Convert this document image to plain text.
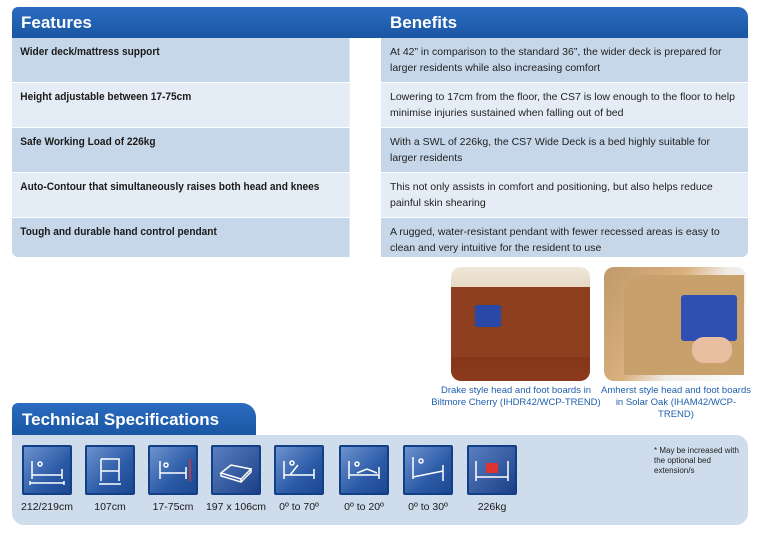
Features	Benefits
Wider deck/mattress support	At 42” in comparison to the standard 36”, the wider deck is prepared for larger residents while also increasing comfort
Height adjustable between 17-75cm	Lowering to 17cm from the floor, the CS7 is low enough to the floor to help minimise injuries sustained when falling out of bed
Safe Working Load of 226kg	With a SWL of 226kg, the CS7 Wide Deck is a bed highly suitable for larger residents
Auto-Contour that simultaneously raises both head and knees	This not only assists in comfort and positioning, but also helps reduce painful skin shearing
Tough and durable hand control pendant	A rugged, water-resistant pendant with fewer recessed areas is easy to clean and very intuitive for the resident to use
Drake style head and foot boards in Biltmore Cherry (IHDR42/WCP-TREND)
Amherst style head and foot boards in Solar Oak (IHAM42/WCP-TREND)
Technical Specifications
212/219cm	107cm	17-75cm	197 x 106cm	0º to 70º	0º to 20º	0º to 30º	226kg
* May be increased with the optional bed extension/s
